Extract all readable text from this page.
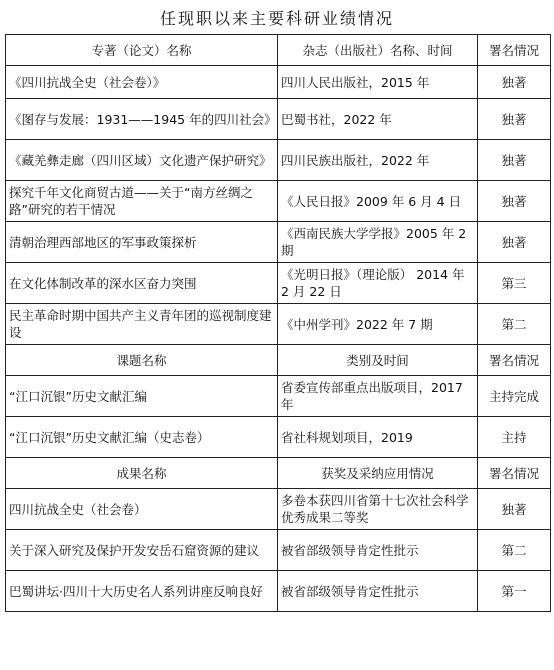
任现职以来主要科研业绩情况
专著（论文）名称	杂志（出版社）名称、时间	署名情况
《四川抗战全史（社会卷）》	四川人民出版社，2015 年	独著
《图存与发展：1931——1945 年的四川社会》	巴蜀书社，2022 年	独著
《藏羌彝走廊（四川区域）文化遗产保护研究》	四川民族出版社，2022 年	独著
探究千年文化商贸古道——关于“南方丝绸之路”研究的若干情况	《人民日报》2009 年 6 月 4 日	独著
清朝治理西部地区的军事政策探析	《西南民族大学学报》2005 年 2 期	独著
在文化体制改革的深水区奋力突围	《光明日报》（理论版） 2014 年 2 月 22 日	第三
民主革命时期中国共产主义青年团的巡视制度建设	《中州学刊》2022 年 7 期	第二
课题名称	类别及时间	署名情况
“江口沉银”历史文献汇编	省委宣传部重点出版项目，2017 年	主持完成
“江口沉银”历史文献汇编（史志卷）	省社科规划项目，2019	主持
成果名称	获奖及采纳应用情况	署名情况
四川抗战全史（社会卷）	多卷本获四川省第十七次社会科学优秀成果二等奖	独著
关于深入研究及保护开发安岳石窟资源的建议	被省部级领导肯定性批示	第二
巴蜀讲坛·四川十大历史名人系列讲座反响良好	被省部级领导肯定性批示	第一
